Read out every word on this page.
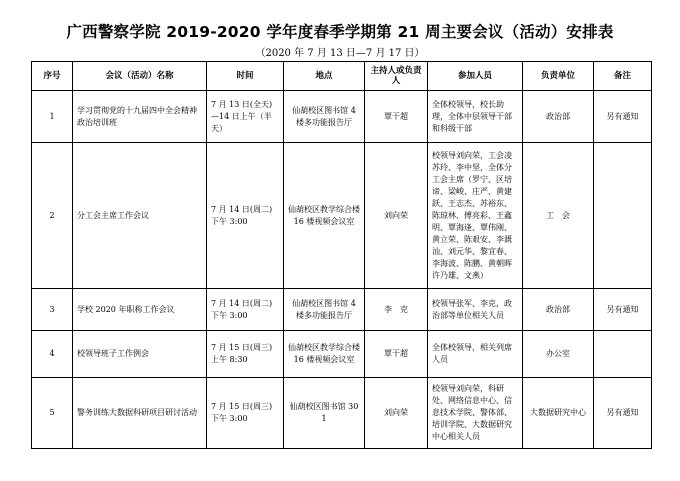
广西警察学院 2019-2020 学年度春季学期第 21 周主要会议（活动）安排表
（2020 年 7 月 13 日—7 月 17 日）
序号	会议（活动）名称	时间	地点	主持人或负责人	参加人员	负责单位	备注
1	学习贯彻党的十九届四中全会精神政治培训班	7 月 13 日(全天)—14 日上午（半天）	仙葫校区图书馆 4 楼多功能报告厅	覃干超	全体校领导，校长助理，全体中层领导干部和科级干部	政治部	另有通知
2	分工会主席工作会议	7 月 14 日(周二)下午 3:00	仙葫校区教学综合楼16 楼视频会议室	刘向荣	校领导刘向荣，工会凌苏玲、李中坚，全体分工会主席（罗宁、区培谛、梁峻、庄严、黄建跃、王志杰、苏裕东、陈琼林、傅亮彩、王鑫明、覃海逢、覃伟刚、黄立荣、陈艰安、李溉汕、刘元华、黎宜春、李海波、陈鹏、黄朝晖许乃雄、文燕）	工　会	
3	学校 2020 年职称工作会议	7 月 14 日(周二)下午 3:00	仙葫校区图书馆 4 楼多功能报告厅	李　克	校领导张军、李克，政治部等单位相关人员	政治部	另有通知
4	校领导班子工作例会	7 月 15 日(周三)上午 8:30	仙葫校区教学综合楼16 楼视频会议室	覃干超	全体校领导，相关列席人员	办公室	
5	警务训练大数据科研项目研讨活动	7 月 15 日(周三)下午 3:00	仙葫校区图书馆 301	刘向荣	校领导刘向荣，科研处、网络信息中心、信息技术学院、警体部、培训学院、大数据研究中心相关人员	大数据研究中心	另有通知
